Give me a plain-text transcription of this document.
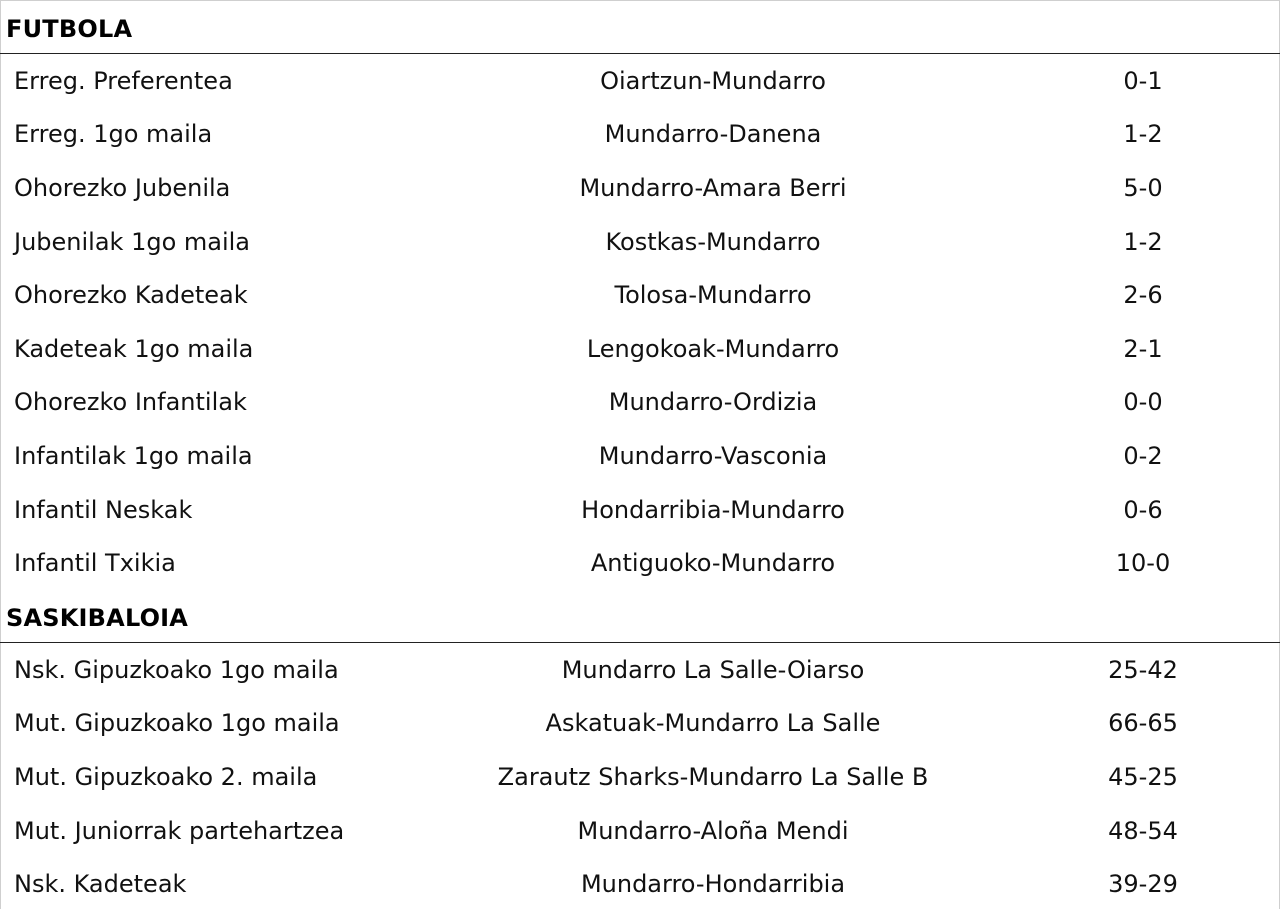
FUTBOLA
Erreg. Preferentea	Oiartzun-Mundarro	0-1
Erreg. 1go maila	Mundarro-Danena	1-2
Ohorezko Jubenila	Mundarro-Amara Berri	5-0
Jubenilak 1go maila	Kostkas-Mundarro	1-2
Ohorezko Kadeteak	Tolosa-Mundarro	2-6
Kadeteak 1go maila	Lengokoak-Mundarro	2-1
Ohorezko Infantilak	Mundarro-Ordizia	0-0
Infantilak 1go maila	Mundarro-Vasconia	0-2
Infantil Neskak	Hondarribia-Mundarro	0-6
Infantil Txikia	Antiguoko-Mundarro	10-0
SASKIBALOIA
Nsk. Gipuzkoako 1go maila	Mundarro La Salle-Oiarso	25-42
Mut. Gipuzkoako 1go maila	Askatuak-Mundarro La Salle	66-65
Mut. Gipuzkoako 2. maila	Zarautz Sharks-Mundarro La Salle B	45-25
Mut. Juniorrak partehartzea	Mundarro-Aloña Mendi	48-54
Nsk. Kadeteak	Mundarro-Hondarribia	39-29
